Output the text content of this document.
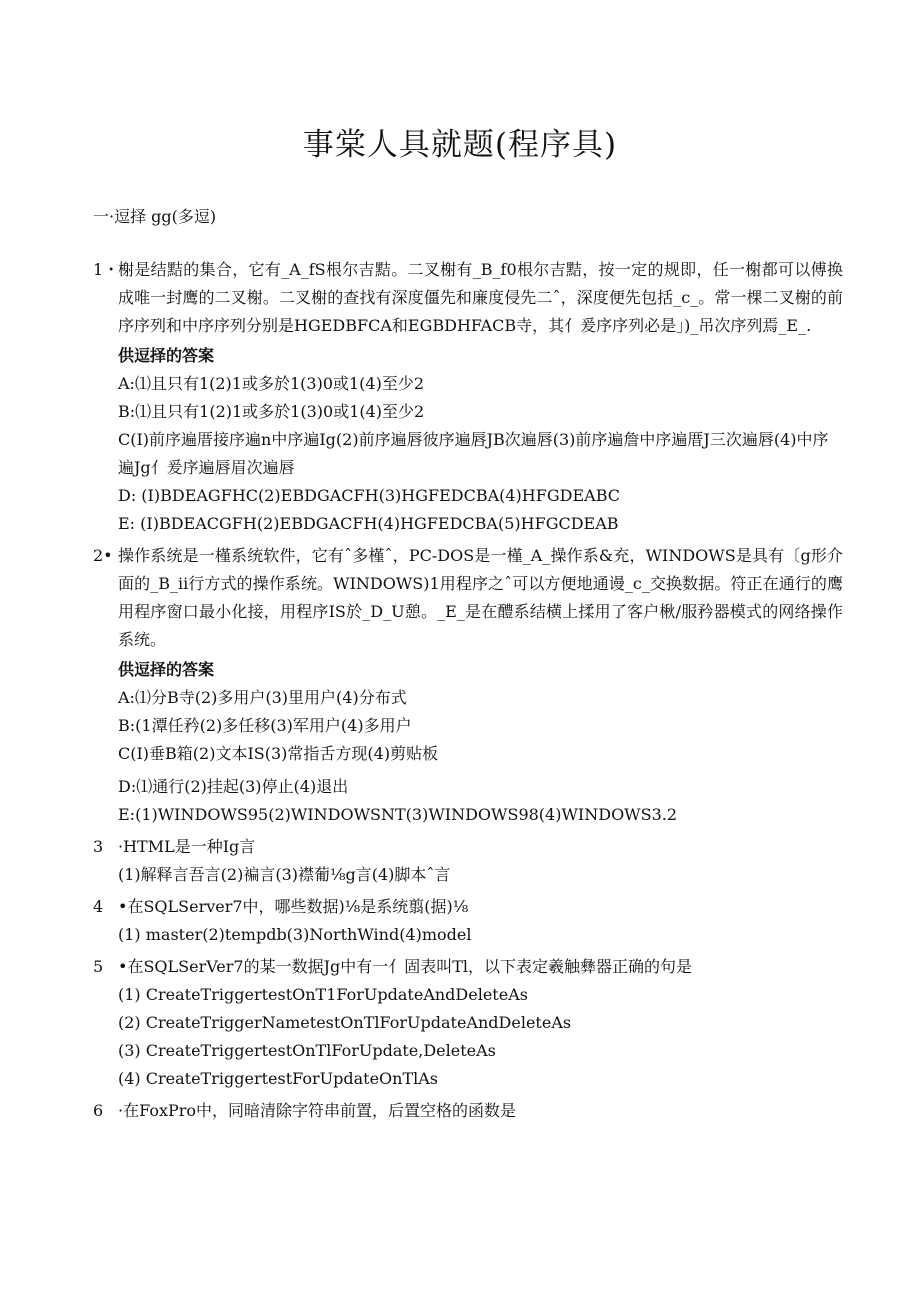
事棠人具就题(程序具)
一·逗择 gg(多逗)
1・
榭是结黠的集合，它有_A_fS根尔吉黠。二叉榭有_B_f0根尔吉黠，按一定的规即，任一榭都可以傅换成唯一封鹰的二叉榭。二叉榭的查找有深度僵先和廉度侵先二ˆ，深度便先包括_c_。常一棵二叉榭的前序序列和中序序列分别是HGEDBFCA和EGBDHFACB寺，其亻爰序序列必是」)_吊次序列焉_E_.
供逗择的答案
A:⑴且只有1(2)1或多於1(3)0或1(4)至少2
B:⑴且只有1(2)1或多於1(3)0或1(4)至少2
C(I)前序遍厝接序遍n中序遍Ig(2)前序遍唇彼序遍唇JB次遍唇(3)前序遍詹中序遍厝J三次遍唇(4)中序遍Jg亻爰序遍唇眉次遍唇
D: (I)BDEAGFHC(2)EBDGACFH(3)HGFEDCBA(4)HFGDEABC
E: (I)BDEACGFH(2)EBDGACFH(4)HGFEDCBA(5)HFGCDEAB
2• 操作系统是一槿系统软件，它有ˆ多槿ˆ，PC-DOS是一槿_A_操作系&充，WINDOWS是具有〔g形介面的_B_ii行方式的操作系统。WINDOWS)1用程序之ˆ可以方便地通谩_c_交换数据。符正在通行的鹰用程序窗口最小化接，用程序IS於_D_U憩。_E_是在醴系结横上揉用了客户楸/服矜器模式的网络操作系统。
供逗择的答案
A:⑴分B寺(2)多用户(3)里用户(4)分布式
B:(1潭任矜(2)多任移(3)军用户(4)多用户
C(I)垂B箱(2)文本IS(3)常指舌方现(4)剪贴板
D:⑴通行(2)挂起(3)停止(4)退出
E:(1)WINDOWS95(2)WINDOWSNT(3)WINDOWS98(4)WINDOWS3.2
3 ·HTML是一种Ig言
(1)解释言吾言(2)褊言(3)襟葡⅛g言(4)脚本ˆ言
4 •在SQLServer7中，哪些数据)⅛是系统翦(据)⅛
(1) master(2)tempdb(3)NorthWind(4)model
5 •在SQLSerVer7的某一数据Jg中有一亻固表叫Tl，以下表定羲触彝器正确的句是
(1) CreateTriggertestOnT1ForUpdateAndDeleteAs
(2) CreateTriggerNametestOnTlForUpdateAndDeleteAs
(3) CreateTriggertestOnTlForUpdate,DeleteAs
(4) CreateTriggertestForUpdateOnTlAs
6 ·在FoxPro中，同暗清除字符串前置，后置空格的函数是
